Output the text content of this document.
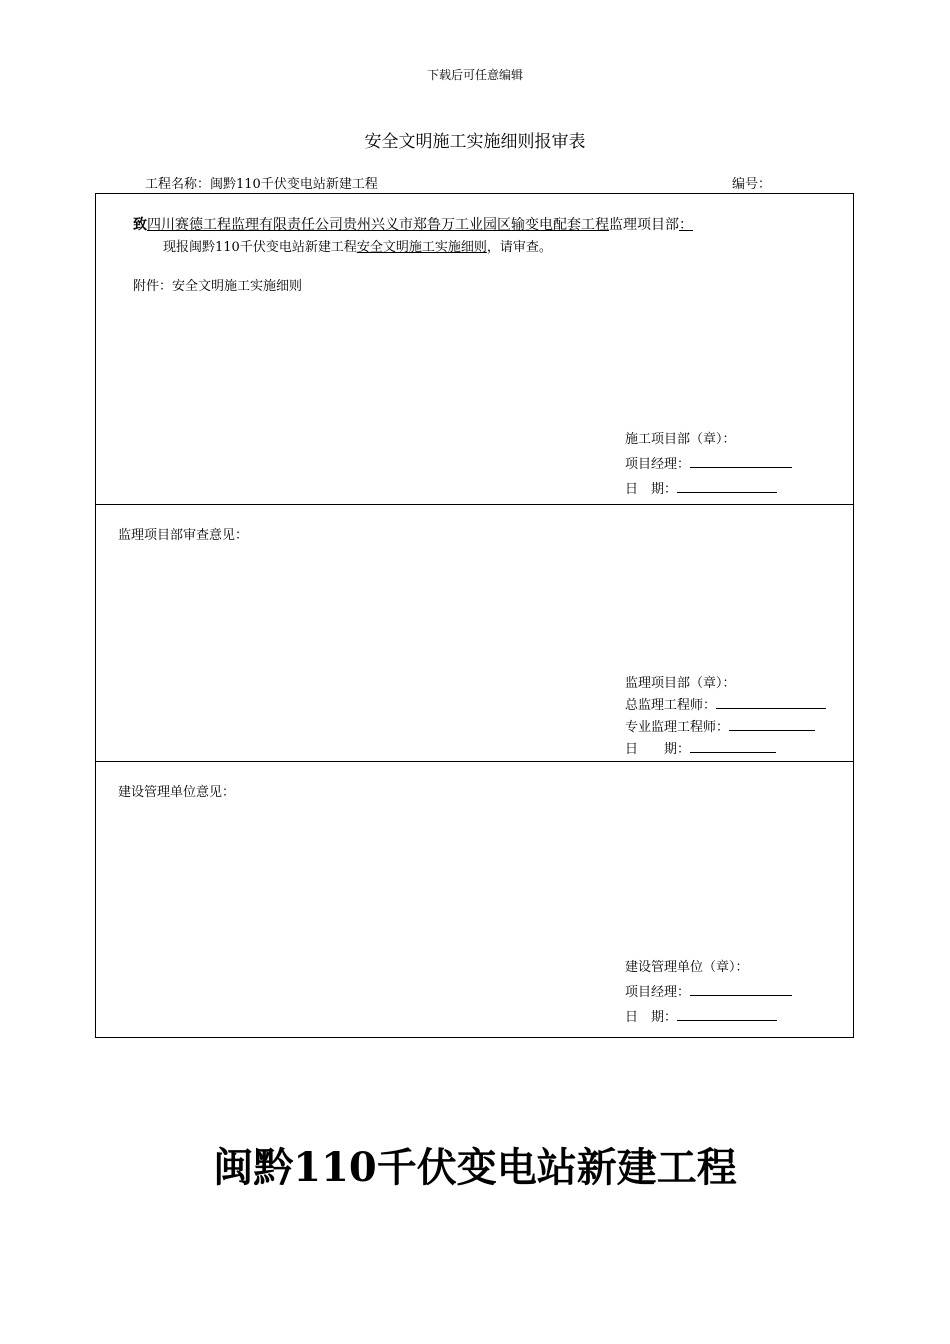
下载后可任意编辑
安全文明施工实施细则报审表
工程名称：闽黔110千伏变电站新建工程	编号：
致四川赛德工程监理有限责任公司贵州兴义市郑鲁万工业园区输变电配套工程监理项目部：
现报闽黔110千伏变电站新建工程安全文明施工实施细则，请审查。
附件：安全文明施工实施细则
施工项目部（章）：
项目经理：
日　期：
监理项目部审查意见：
监理项目部（章）：
总监理工程师：
专业监理工程师：
日　　期：
建设管理单位意见：
建设管理单位（章）：
项目经理：
日　期：
闽黔110千伏变电站新建工程
